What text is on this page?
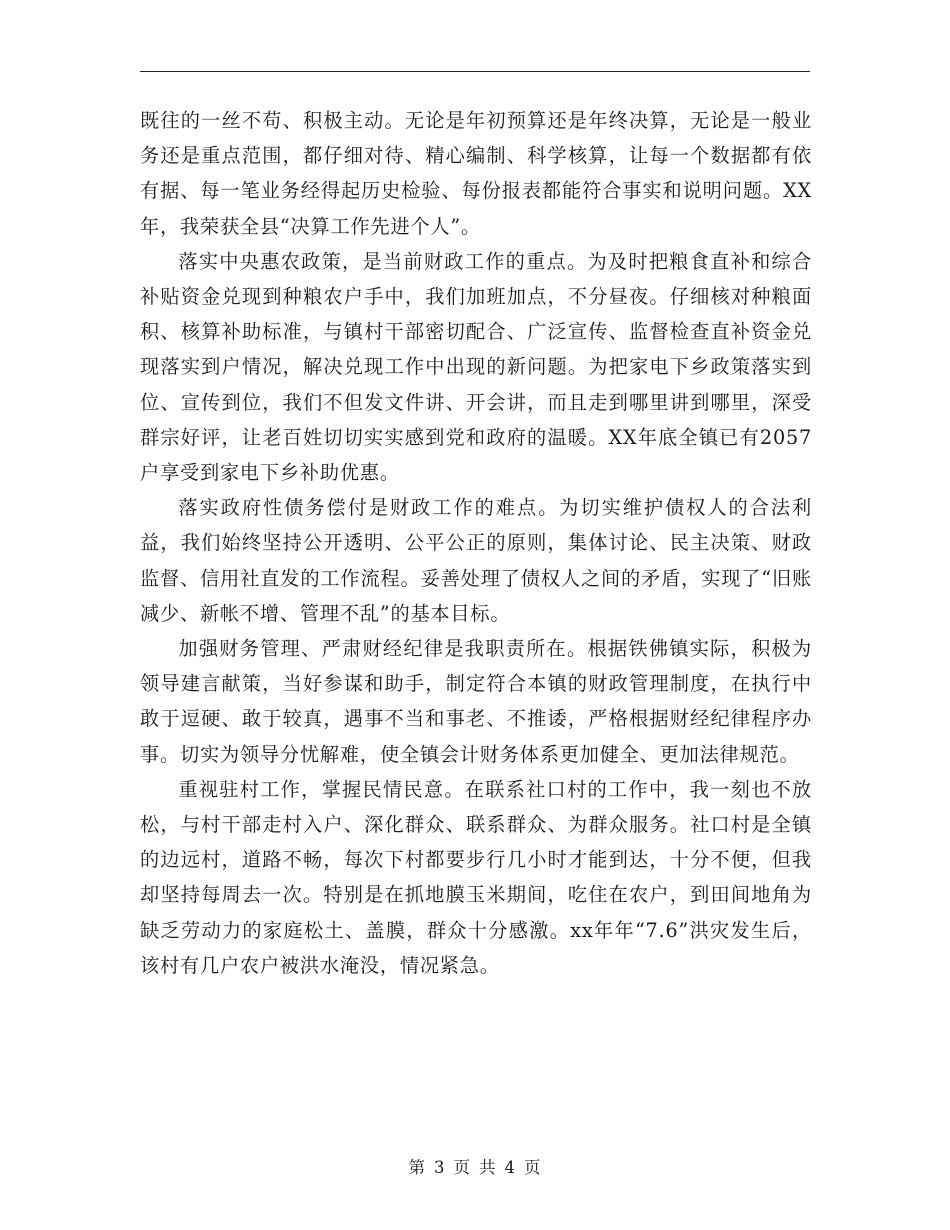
既往的一丝不苟、积极主动。无论是年初预算还是年终决算，无论是一般业务还是重点范围，都仔细对待、精心编制、科学核算，让每一个数据都有依有据、每一笔业务经得起历史检验、每份报表都能符合事实和说明问题。XX年，我荣获全县“决算工作先进个人”。

落实中央惠农政策，是当前财政工作的重点。为及时把粮食直补和综合补贴资金兑现到种粮农户手中，我们加班加点，不分昼夜。仔细核对种粮面积、核算补助标准，与镇村干部密切配合、广泛宣传、监督检查直补资金兑现落实到户情况，解决兑现工作中出现的新问题。为把家电下乡政策落实到位、宣传到位，我们不但发文件讲、开会讲，而且走到哪里讲到哪里，深受群宗好评，让老百姓切切实实感到党和政府的温暖。XX年底全镇已有2057户享受到家电下乡补助优惠。

落实政府性债务偿付是财政工作的难点。为切实维护债权人的合法利益，我们始终坚持公开透明、公平公正的原则，集体讨论、民主决策、财政监督、信用社直发的工作流程。妥善处理了债权人之间的矛盾，实现了“旧账减少、新帐不增、管理不乱”的基本目标。

加强财务管理、严肃财经纪律是我职责所在。根据铁佛镇实际，积极为领导建言献策，当好参谋和助手，制定符合本镇的财政管理制度，在执行中敢于逗硬、敢于较真，遇事不当和事老、不推诿，严格根据财经纪律程序办事。切实为领导分忧解难，使全镇会计财务体系更加健全、更加法律规范。

重视驻村工作，掌握民情民意。在联系社口村的工作中，我一刻也不放松，与村干部走村入户、深化群众、联系群众、为群众服务。社口村是全镇的边远村，道路不畅，每次下村都要步行几小时才能到达，十分不便，但我却坚持每周去一次。特别是在抓地膜玉米期间，吃住在农户，到田间地角为缺乏劳动力的家庭松土、盖膜，群众十分感激。xx年年“7.6”洪灾发生后，该村有几户农户被洪水淹没，情况紧急。

第 3 页 共 4 页
